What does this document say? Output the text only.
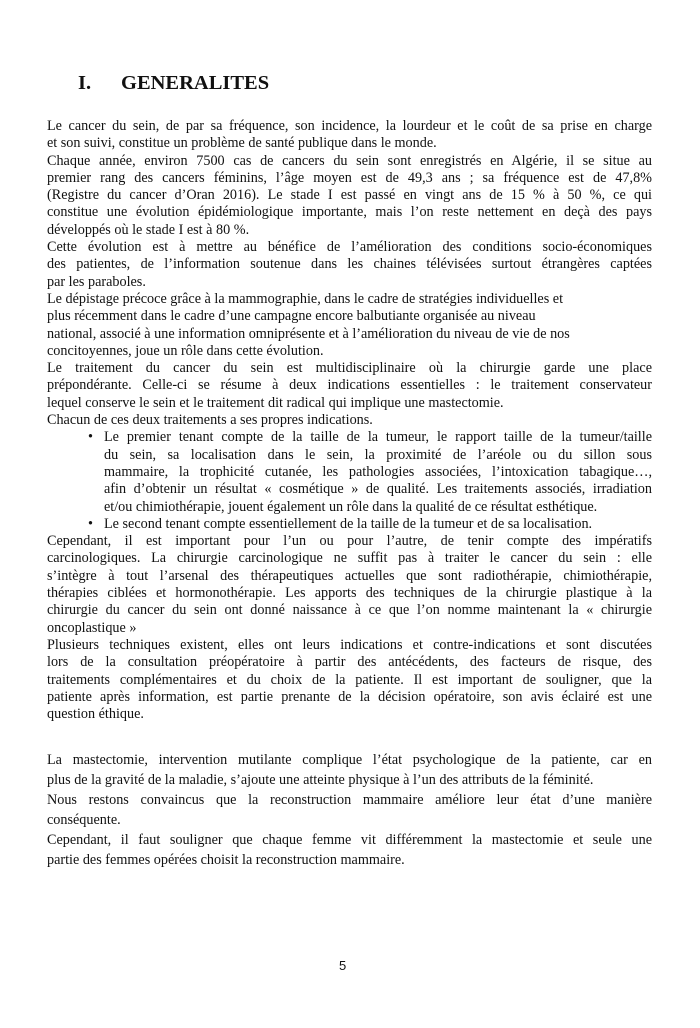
I. GENERALITES
Le cancer du sein, de par sa fréquence, son incidence, la lourdeur et le coût de sa prise en charge
et son suivi, constitue un problème de santé publique dans le monde.
Chaque année, environ 7500 cas de cancers du sein sont enregistrés en Algérie, il se situe au
premier rang des cancers féminins, l’âge moyen est de 49,3 ans ; sa fréquence est de 47,8%
(Registre du cancer d’Oran 2016). Le stade I est passé en vingt ans de 15 % à 50 %, ce qui
constitue une évolution épidémiologique importante, mais l’on reste nettement en deçà des pays
développés où le stade I est à 80 %.
Cette évolution est à mettre au bénéfice de l’amélioration des conditions socio-économiques
des patientes, de l’information soutenue dans les chaines télévisées surtout étrangères captées
par les paraboles.
Le dépistage précoce grâce à la mammographie, dans le cadre de stratégies individuelles et
plus récemment dans le cadre d’une campagne encore balbutiante organisée au niveau
national, associé à une information omniprésente et à l’amélioration du niveau de vie de nos
concitoyennes, joue un rôle dans cette évolution.
Le traitement du cancer du sein est multidisciplinaire où la chirurgie garde une place
prépondérante. Celle-ci se résume à deux indications essentielles : le traitement conservateur
lequel conserve le sein et le traitement dit radical qui implique une mastectomie.
Chacun de ces deux traitements a ses propres indications.
• Le premier tenant compte de la taille de la tumeur, le rapport taille de la tumeur/taille
du sein, sa localisation dans le sein, la proximité de l’aréole ou du sillon sous
mammaire, la trophicité cutanée, les pathologies associées, l’intoxication tabagique…,
afin d’obtenir un résultat « cosmétique » de qualité. Les traitements associés, irradiation
et/ou chimiothérapie, jouent également un rôle dans la qualité de ce résultat esthétique.
• Le second tenant compte essentiellement de la taille de la tumeur et de sa localisation.
Cependant, il est important pour l’un ou pour l’autre, de tenir compte des impératifs
carcinologiques. La chirurgie carcinologique ne suffit pas à traiter le cancer du sein : elle
s’intègre à tout l’arsenal des thérapeutiques actuelles que sont radiothérapie, chimiothérapie,
thérapies ciblées et hormonothérapie. Les apports des techniques de la chirurgie plastique à la
chirurgie du cancer du sein ont donné naissance à ce que l’on nomme maintenant la « chirurgie
oncoplastique »
Plusieurs techniques existent, elles ont leurs indications et contre-indications et sont discutées
lors de la consultation préopératoire à partir des antécédents, des facteurs de risque, des
traitements complémentaires et du choix de la patiente. Il est important de souligner, que la
patiente après information, est partie prenante de la décision opératoire, son avis éclairé est une
question éthique.
La mastectomie, intervention mutilante complique l’état psychologique de la patiente, car en
plus de la gravité de la maladie, s’ajoute une atteinte physique à l’un des attributs de la féminité.
Nous restons convaincus que la reconstruction mammaire améliore leur état d’une manière
conséquente.
Cependant, il faut souligner que chaque femme vit différemment la mastectomie et seule une
partie des femmes opérées choisit la reconstruction mammaire.
5
